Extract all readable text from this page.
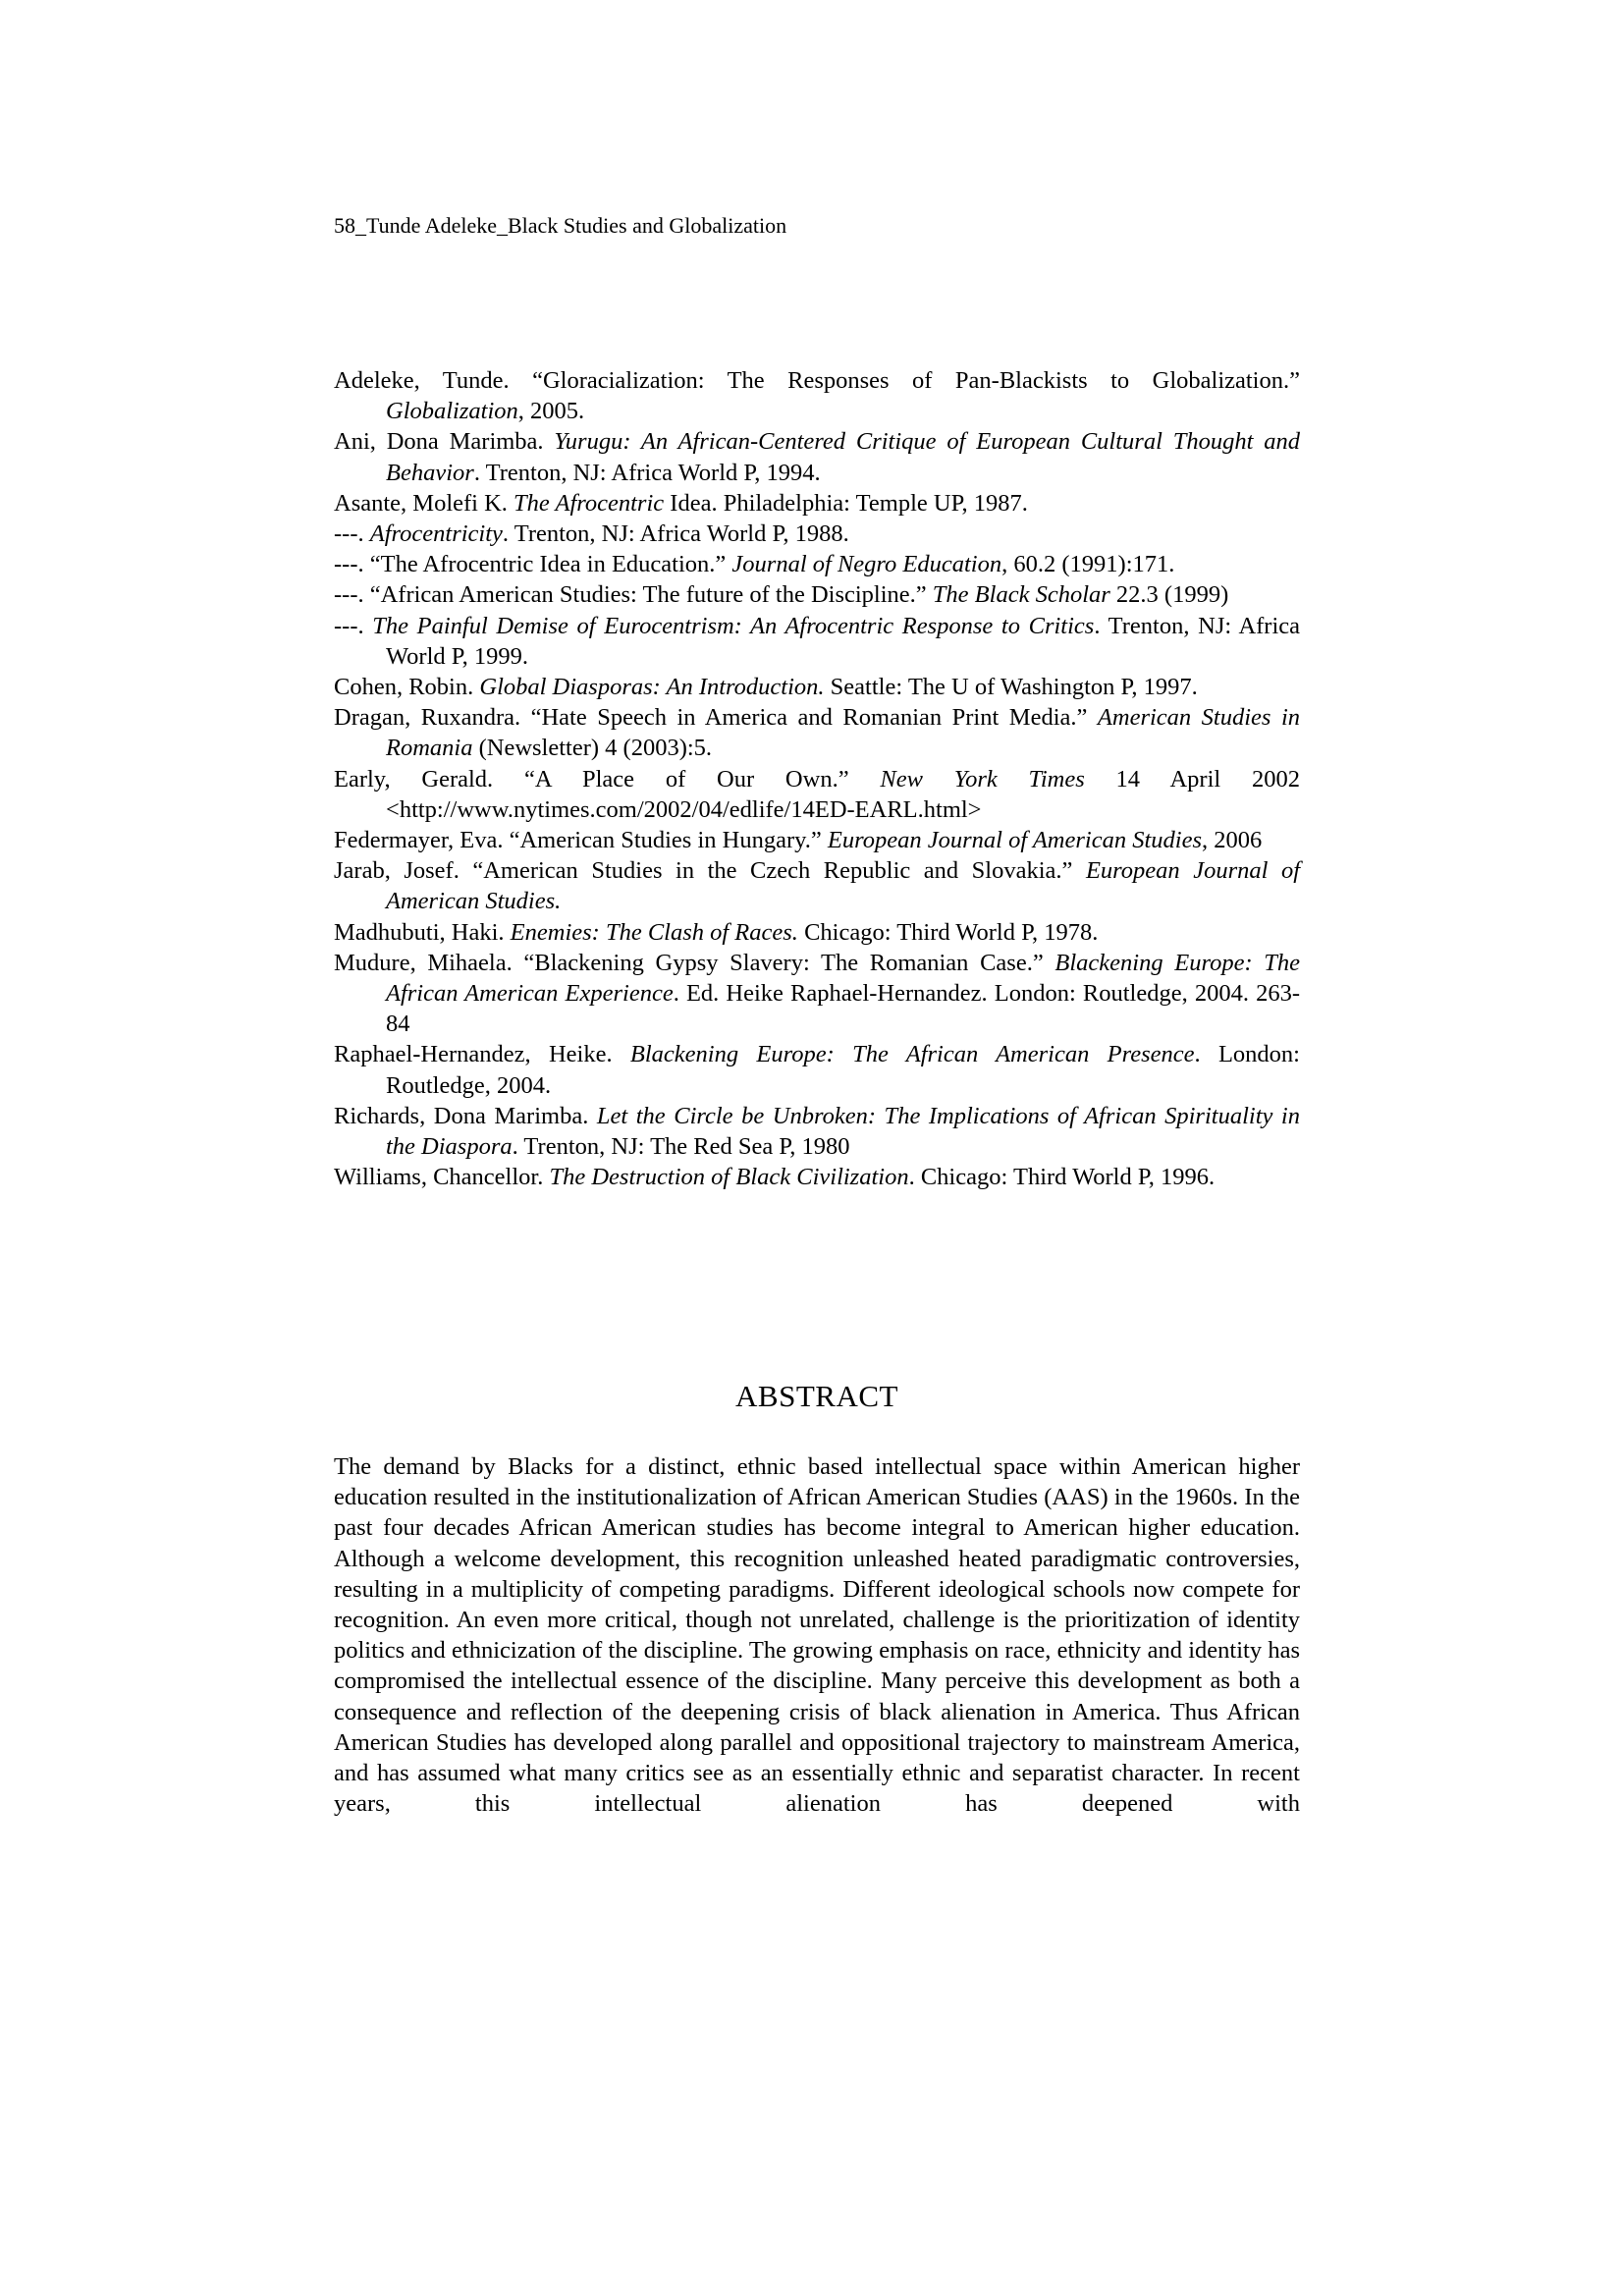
58_Tunde Adeleke_Black Studies and Globalization

Adeleke, Tunde. “Gloracialization: The Responses of Pan-Blackists to Globalization.” Globalization, 2005.

Ani, Dona Marimba. Yurugu: An African-Centered Critique of European Cultural Thought and Behavior. Trenton, NJ: Africa World P, 1994.

Asante, Molefi K. The Afrocentric Idea. Philadelphia: Temple UP, 1987.

---. Afrocentricity. Trenton, NJ: Africa World P, 1988.

---. “The Afrocentric Idea in Education.” Journal of Negro Education, 60.2 (1991):171.

---. “African American Studies: The future of the Discipline.” The Black Scholar 22.3 (1999)

---. The Painful Demise of Eurocentrism: An Afrocentric Response to Critics. Trenton, NJ: Africa World P, 1999.

Cohen, Robin. Global Diasporas: An Introduction. Seattle: The U of Washington P, 1997.

Dragan, Ruxandra. “Hate Speech in America and Romanian Print Media.” American Studies in Romania (Newsletter) 4 (2003):5.

Early, Gerald. “A Place of Our Own.” New York Times 14 April 2002 <http://www.nytimes.com/2002/04/edlife/14ED-EARL.html>

Federmayer, Eva. “American Studies in Hungary.” European Journal of American Studies, 2006

Jarab, Josef. “American Studies in the Czech Republic and Slovakia.” European Journal of American Studies.

Madhubuti, Haki. Enemies: The Clash of Races. Chicago: Third World P, 1978.

Mudure, Mihaela. “Blackening Gypsy Slavery: The Romanian Case.” Blackening Europe: The African American Experience. Ed. Heike Raphael-Hernandez. London: Routledge, 2004. 263-84

Raphael-Hernandez, Heike. Blackening Europe: The African American Presence. London: Routledge, 2004.

Richards, Dona Marimba. Let the Circle be Unbroken: The Implications of African Spirituality in the Diaspora. Trenton, NJ: The Red Sea P, 1980

Williams, Chancellor. The Destruction of Black Civilization. Chicago: Third World P, 1996.

ABSTRACT

The demand by Blacks for a distinct, ethnic based intellectual space within American higher education resulted in the institutionalization of African American Studies (AAS) in the 1960s. In the past four decades African American studies has become integral to American higher education. Although a welcome development, this recognition unleashed heated paradigmatic controversies, resulting in a multiplicity of competing paradigms. Different ideological schools now compete for recognition. An even more critical, though not unrelated, challenge is the prioritization of identity politics and ethnicization of the discipline. The growing emphasis on race, ethnicity and identity has compromised the intellectual essence of the discipline. Many perceive this development as both a consequence and reflection of the deepening crisis of black alienation in America. Thus African American Studies has developed along parallel and oppositional trajectory to mainstream America, and has assumed what many critics see as an essentially ethnic and separatist character. In recent years, this intellectual alienation has deepened with
